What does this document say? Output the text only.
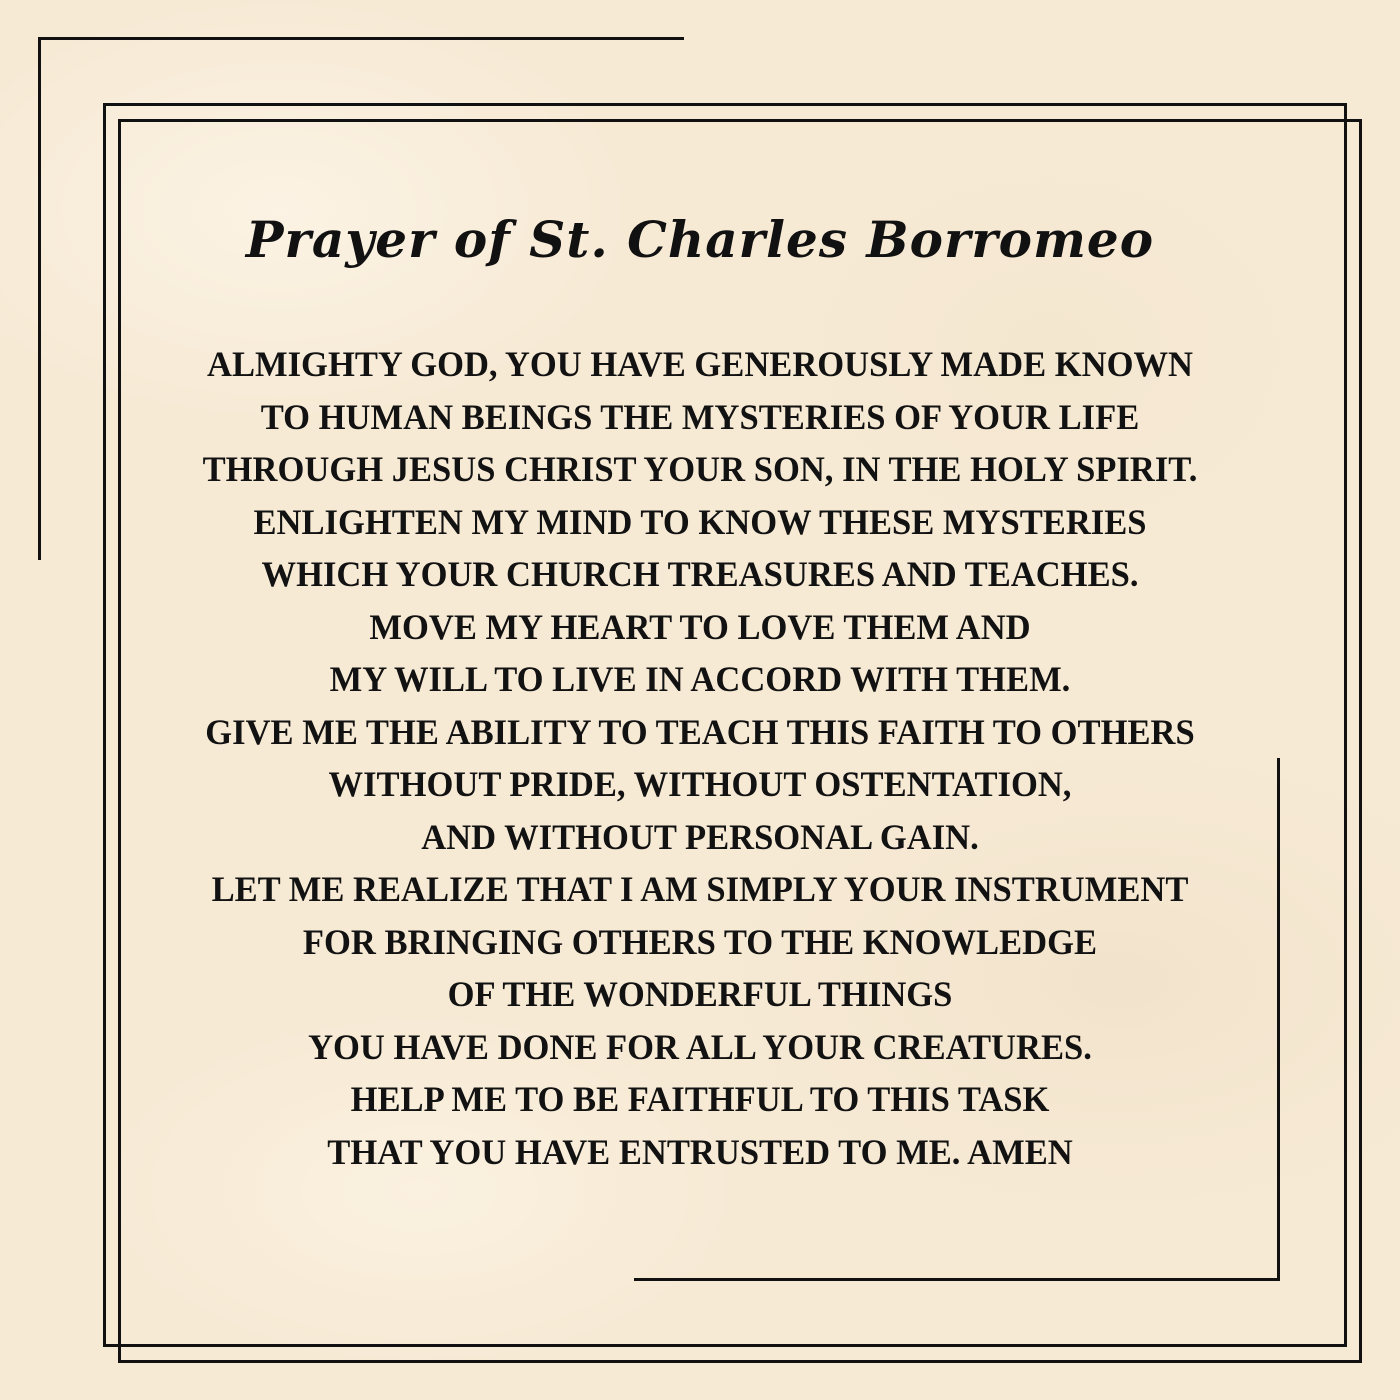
Prayer of St. Charles Borromeo
ALMIGHTY GOD, YOU HAVE GENEROUSLY MADE KNOWN
TO HUMAN BEINGS THE MYSTERIES OF YOUR LIFE
THROUGH JESUS CHRIST YOUR SON, IN THE HOLY SPIRIT.
ENLIGHTEN MY MIND TO KNOW THESE MYSTERIES
WHICH YOUR CHURCH TREASURES AND TEACHES.
MOVE MY HEART TO LOVE THEM AND
MY WILL TO LIVE IN ACCORD WITH THEM.
GIVE ME THE ABILITY TO TEACH THIS FAITH TO OTHERS
WITHOUT PRIDE, WITHOUT OSTENTATION,
AND WITHOUT PERSONAL GAIN.
LET ME REALIZE THAT I AM SIMPLY YOUR INSTRUMENT
FOR BRINGING OTHERS TO THE KNOWLEDGE
OF THE WONDERFUL THINGS
YOU HAVE DONE FOR ALL YOUR CREATURES.
HELP ME TO BE FAITHFUL TO THIS TASK
THAT YOU HAVE ENTRUSTED TO ME. AMEN
